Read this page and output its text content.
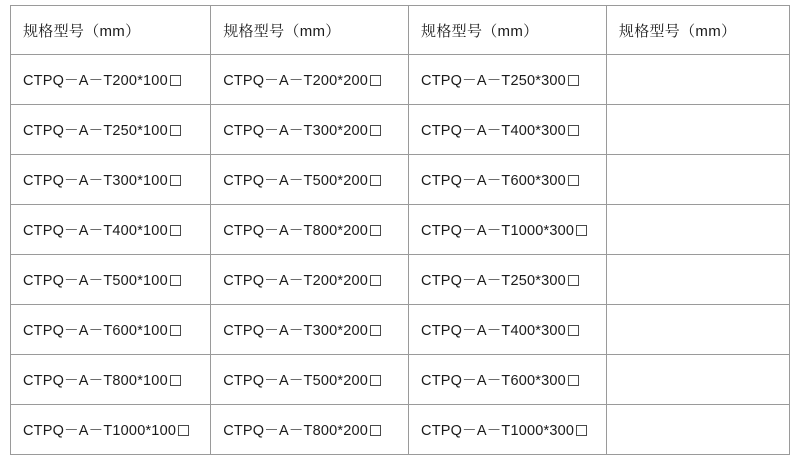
规格型号（mm）	规格型号（mm）	规格型号（mm）	规格型号（mm）
CTPQ－A－T200*100	CTPQ－A－T200*200	CTPQ－A－T250*300	
CTPQ－A－T250*100	CTPQ－A－T300*200	CTPQ－A－T400*300	
CTPQ－A－T300*100	CTPQ－A－T500*200	CTPQ－A－T600*300	
CTPQ－A－T400*100	CTPQ－A－T800*200	CTPQ－A－T1000*300	
CTPQ－A－T500*100	CTPQ－A－T200*200	CTPQ－A－T250*300	
CTPQ－A－T600*100	CTPQ－A－T300*200	CTPQ－A－T400*300	
CTPQ－A－T800*100	CTPQ－A－T500*200	CTPQ－A－T600*300	
CTPQ－A－T1000*100	CTPQ－A－T800*200	CTPQ－A－T1000*300	
